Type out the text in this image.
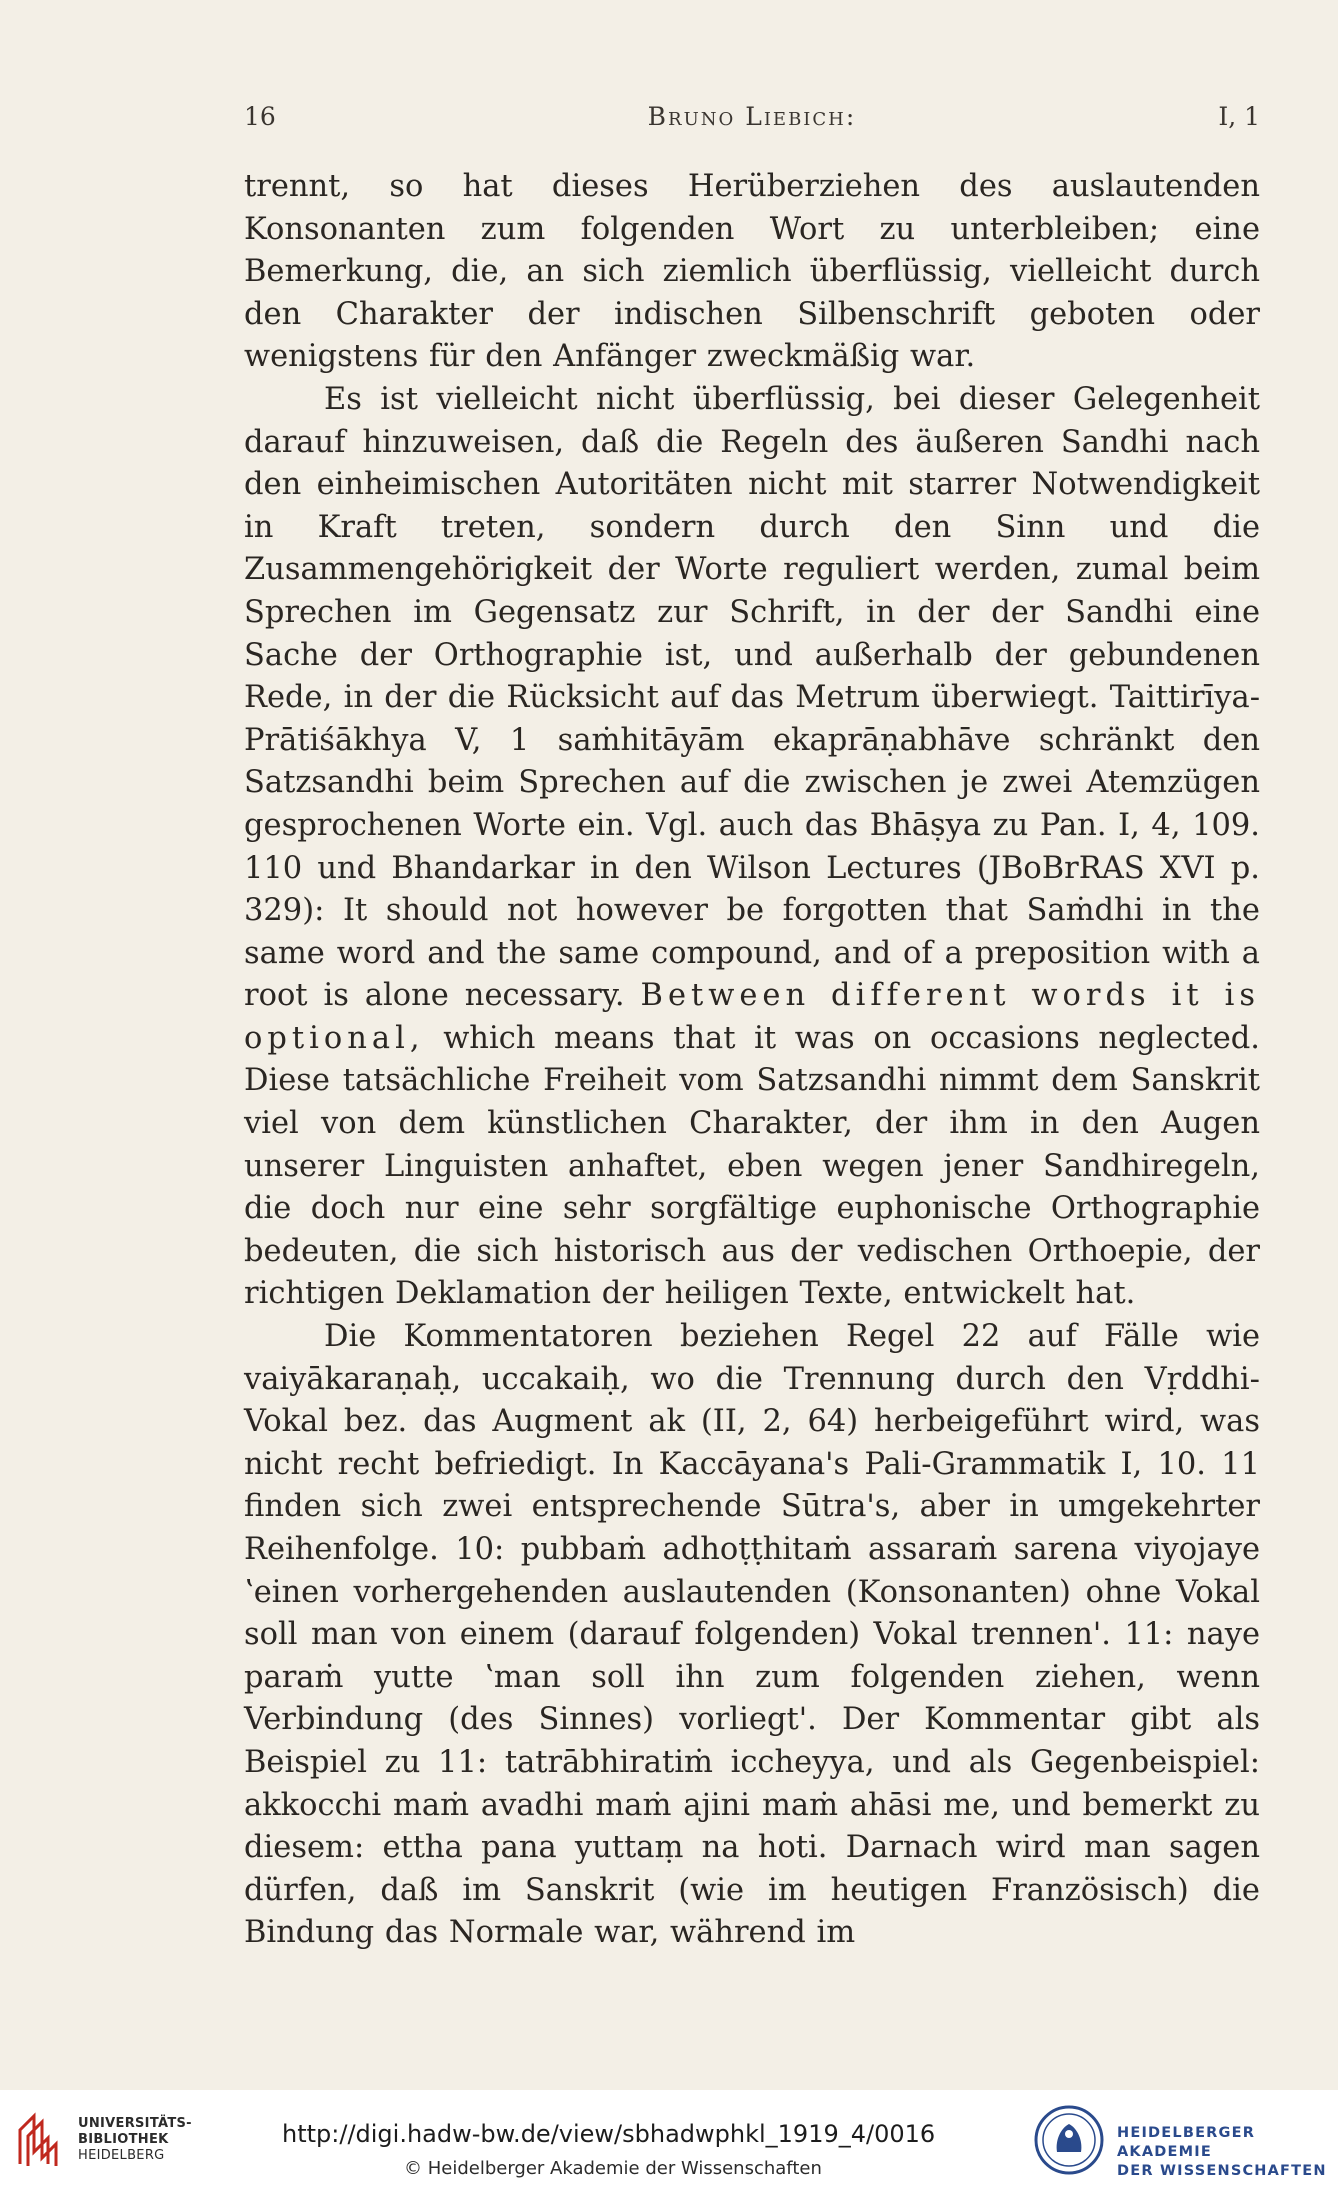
16	Bruno Liebich:	I, 1

trennt, so hat dieses Herüberziehen des auslautenden Konsonanten zum folgenden Wort zu unterbleiben; eine Bemerkung, die, an sich ziemlich überflüssig, vielleicht durch den Charakter der indischen Silbenschrift geboten oder wenigstens für den Anfänger zweckmäßig war.

Es ist vielleicht nicht überflüssig, bei dieser Gelegenheit darauf hinzuweisen, daß die Regeln des äußeren Sandhi nach den einheimischen Autoritäten nicht mit starrer Notwendigkeit in Kraft treten, sondern durch den Sinn und die Zusammengehörigkeit der Worte reguliert werden, zumal beim Sprechen im Gegensatz zur Schrift, in der der Sandhi eine Sache der Orthographie ist, und außerhalb der gebundenen Rede, in der die Rücksicht auf das Metrum überwiegt. Taittirīya-Prātiśākhya V, 1 saṁhitāyām ekaprāṇabhāve schränkt den Satzsandhi beim Sprechen auf die zwischen je zwei Atemzügen gesprochenen Worte ein. Vgl. auch das Bhāṣya zu Pan. I, 4, 109. 110 und Bhandarkar in den Wilson Lectures (JBoBrRAS XVI p. 329): It should not however be forgotten that Saṁdhi in the same word and the same compound, and of a preposition with a root is alone necessary. Between different words it is optional, which means that it was on occasions neglected. Diese tatsächliche Freiheit vom Satzsandhi nimmt dem Sanskrit viel von dem künstlichen Charakter, der ihm in den Augen unserer Linguisten anhaftet, eben wegen jener Sandhiregeln, die doch nur eine sehr sorgfältige euphonische Orthographie bedeuten, die sich historisch aus der vedischen Orthoepie, der richtigen Deklamation der heiligen Texte, entwickelt hat.

Die Kommentatoren beziehen Regel 22 auf Fälle wie vaiyākaraṇaḥ, uccakaiḥ, wo die Trennung durch den Vṛddhi-Vokal bez. das Augment ak (II, 2, 64) herbeigeführt wird, was nicht recht befriedigt. In Kaccāyana's Pali-Grammatik I, 10. 11 finden sich zwei entsprechende Sūtra's, aber in umgekehrter Reihenfolge. 10: pubbaṁ adhoṭṭhitaṁ assaraṁ sarena viyojaye ʽeinen vorhergehenden auslautenden (Konsonanten) ohne Vokal soll man von einem (darauf folgenden) Vokal trennen'. 11: naye paraṁ yutte ʽman soll ihn zum folgenden ziehen, wenn Verbindung (des Sinnes) vorliegt'. Der Kommentar gibt als Beispiel zu 11: tatrābhiratiṁ iccheyya, und als Gegenbeispiel: akkocchi maṁ avadhi maṁ ajini maṁ ahāsi me, und bemerkt zu diesem: ettha pana yuttaṃ na hoti. Darnach wird man sagen dürfen, daß im Sanskrit (wie im heutigen Französisch) die Bindung das Normale war, während im

UNIVERSITÄTS-
BIBLIOTHEK
HEIDELBERG
http://digi.hadw-bw.de/view/sbhadwphkl_1919_4/0016
© Heidelberger Akademie der Wissenschaften
HEIDELBERGER AKADEMIE
DER WISSENSCHAFTEN
